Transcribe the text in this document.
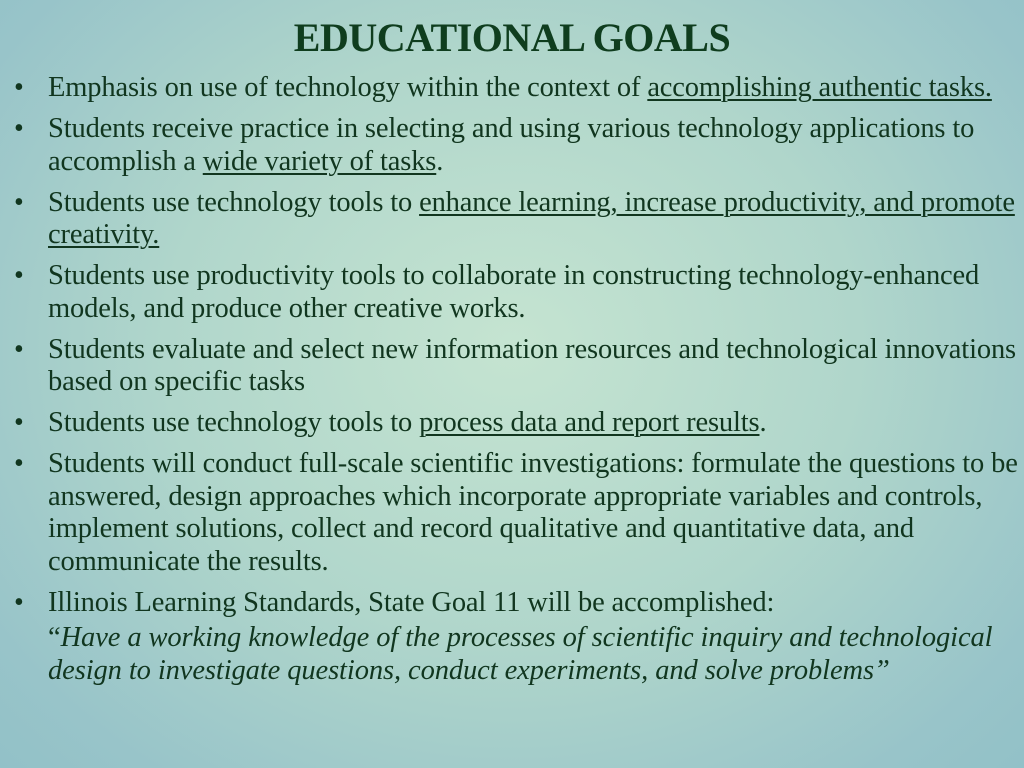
EDUCATIONAL GOALS
• Emphasis on use of technology within the context of accomplishing authentic tasks.
• Students receive practice in selecting and using various technology applications to accomplish a wide variety of tasks.
• Students use technology tools to enhance learning, increase productivity, and promote creativity.
• Students use productivity tools to collaborate in constructing technology-enhanced models, and produce other creative works.
• Students evaluate and select new information resources and technological innovations based on specific tasks
• Students use technology tools to process data and report results.
• Students will conduct full-scale scientific investigations: formulate the questions to be answered, design approaches which incorporate appropriate variables and controls, implement solutions, collect and record qualitative and quantitative data, and communicate the results.
• Illinois Learning Standards, State Goal 11 will be accomplished:
“Have a working knowledge of the processes of scientific inquiry and technological design to investigate questions, conduct experiments, and solve problems”
